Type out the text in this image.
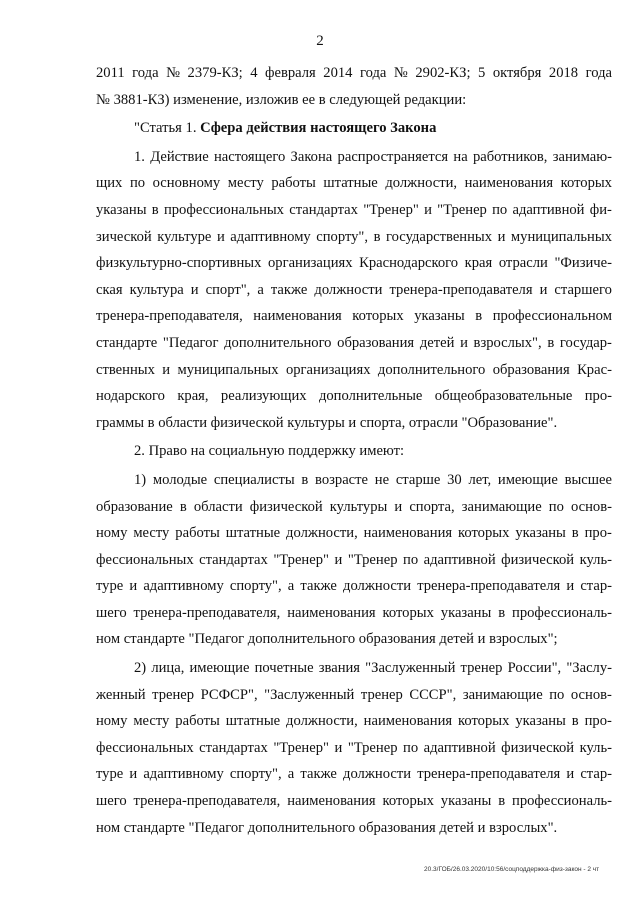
2
2011 года № 2379-КЗ; 4 февраля 2014 года № 2902-КЗ; 5 октября 2018 года
№ 3881-КЗ) изменение, изложив ее в следующей редакции:
"Статья 1. Сфера действия настоящего Закона
1. Действие настоящего Закона распространяется на работников, занимаю-
щих по основному месту работы штатные должности, наименования которых
указаны в профессиональных стандартах "Тренер" и "Тренер по адаптивной фи-
зической культуре и адаптивному спорту", в государственных и муниципальных
физкультурно-спортивных организациях Краснодарского края отрасли "Физиче-
ская культура и спорт", а также должности тренера-преподавателя и старшего
тренера-преподавателя, наименования которых указаны в профессиональном
стандарте "Педагог дополнительного образования детей и взрослых", в государ-
ственных и муниципальных организациях дополнительного образования Крас-
нодарского края, реализующих дополнительные общеобразовательные про-
граммы в области физической культуры и спорта, отрасли "Образование".
2. Право на социальную поддержку имеют:
1) молодые специалисты в возрасте не старше 30 лет, имеющие высшее
образование в области физической культуры и спорта, занимающие по основ-
ному месту работы штатные должности, наименования которых указаны в про-
фессиональных стандартах "Тренер" и "Тренер по адаптивной физической куль-
туре и адаптивному спорту", а также должности тренера-преподавателя и стар-
шего тренера-преподавателя, наименования которых указаны в профессиональ-
ном стандарте "Педагог дополнительного образования детей и взрослых";
2) лица, имеющие почетные звания "Заслуженный тренер России", "Заслу-
женный тренер РСФСР", "Заслуженный тренер СССР", занимающие по основ-
ному месту работы штатные должности, наименования которых указаны в про-
фессиональных стандартах "Тренер" и "Тренер по адаптивной физической куль-
туре и адаптивному спорту", а также должности тренера-преподавателя и стар-
шего тренера-преподавателя, наименования которых указаны в профессиональ-
ном стандарте "Педагог дополнительного образования детей и взрослых".
20.3/ГОБ/26.03.2020/10:56/соцподдержка-физ-закон - 2 чт
